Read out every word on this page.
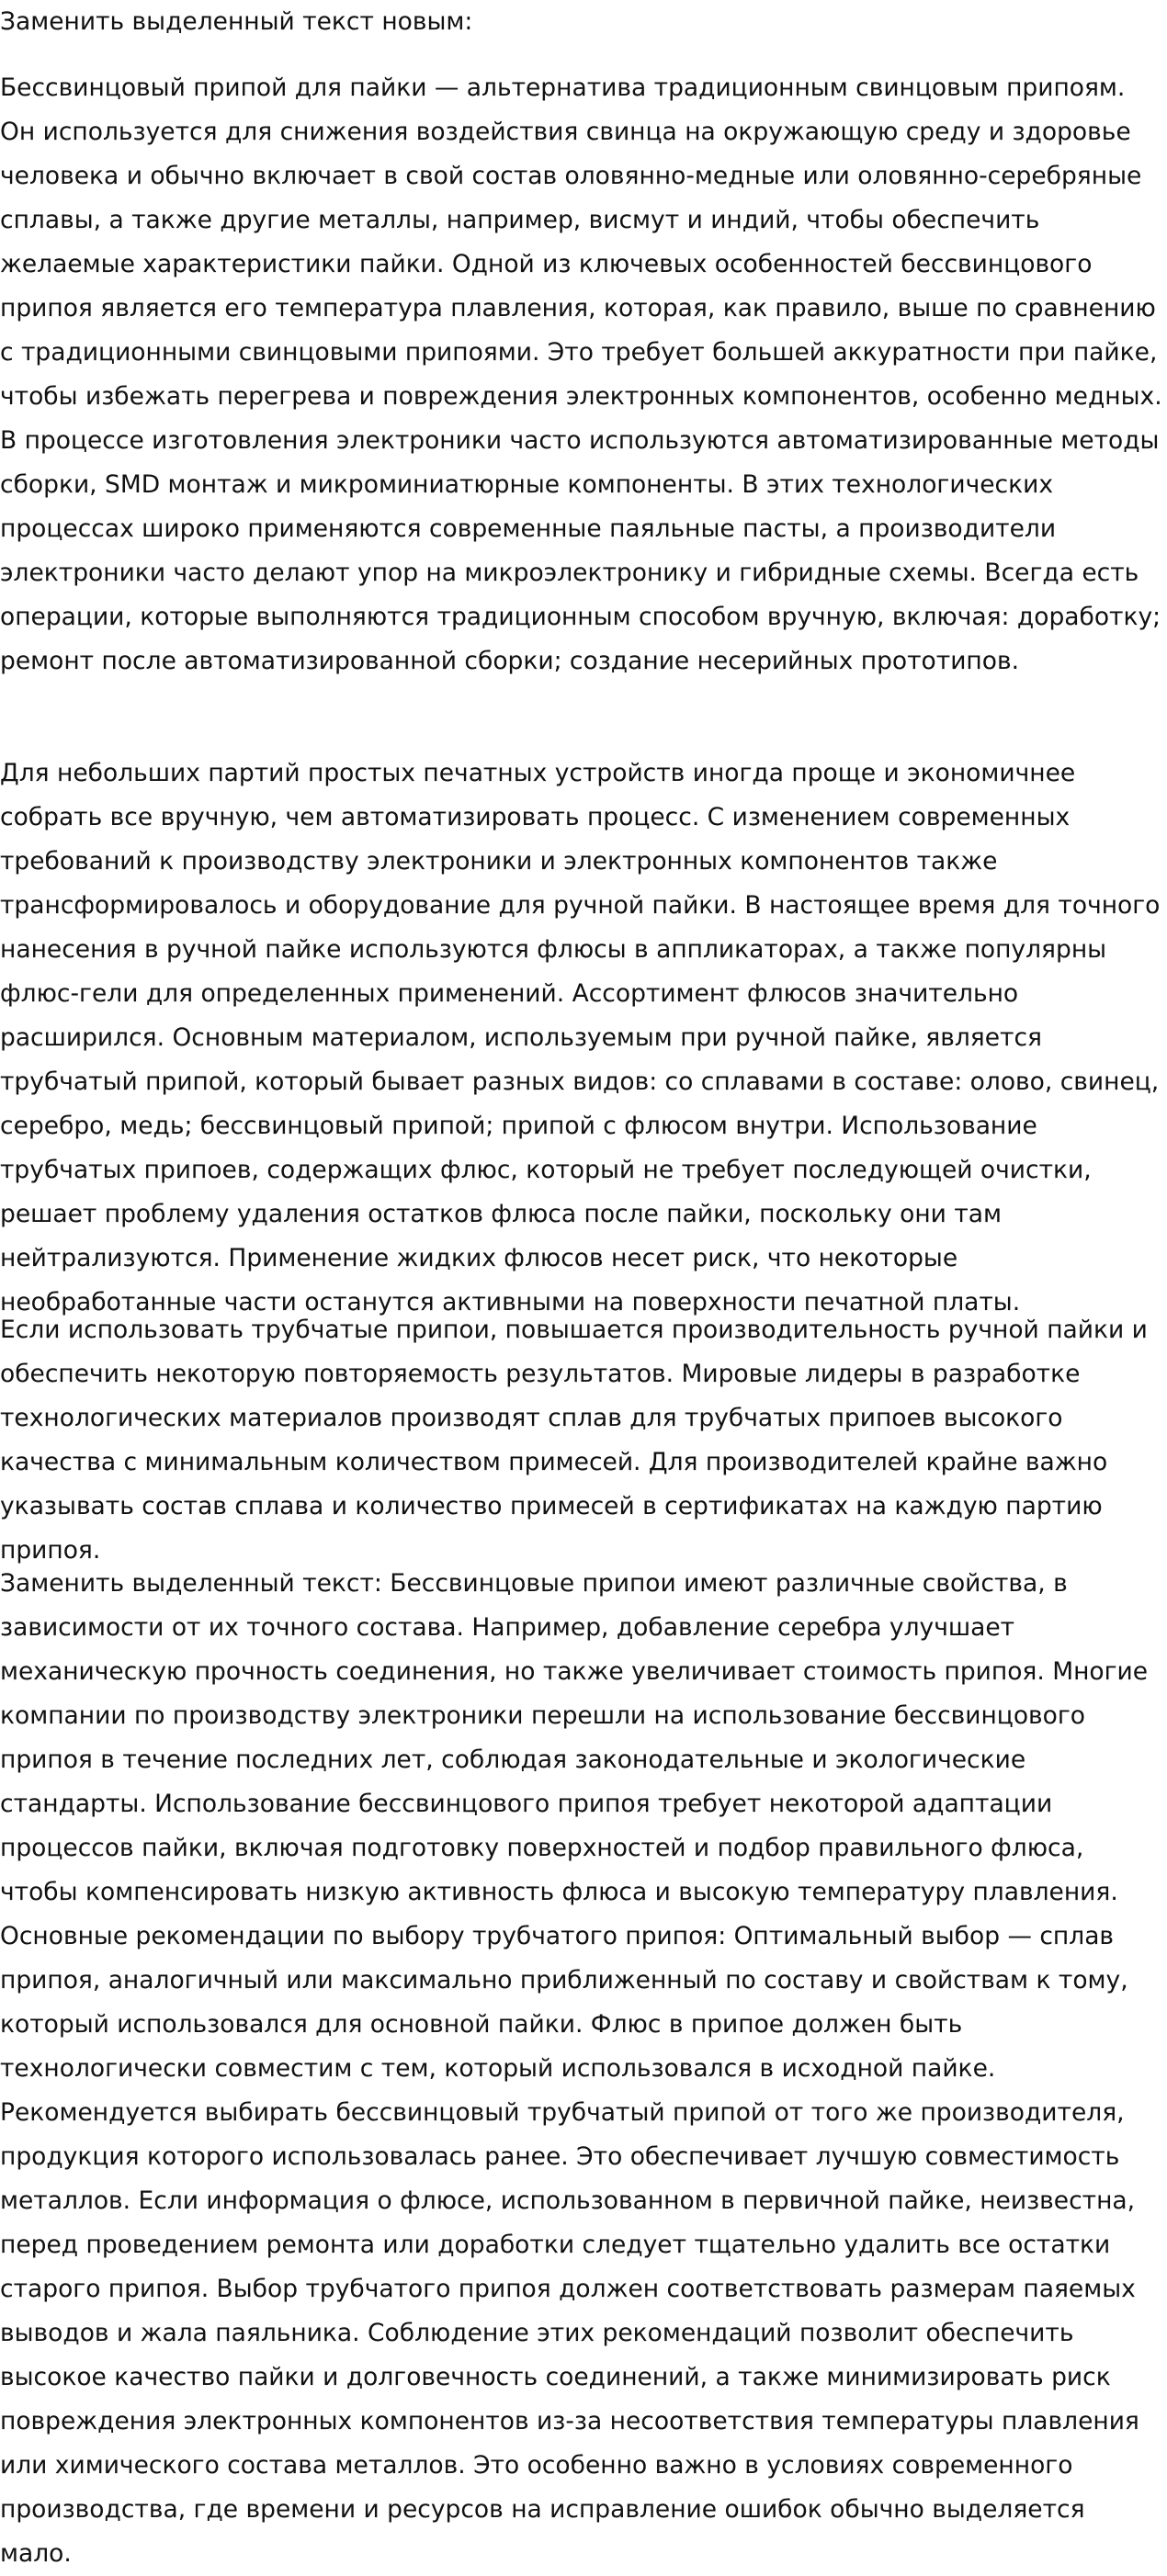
Заменить выделенный текст новым:

Бессвинцовый припой для пайки — альтернатива традиционным свинцовым припоям. Он используется для снижения воздействия свинца на окружающую среду и здоровье человека и обычно включает в свой состав оловянно-медные или оловянно-серебряные сплавы, а также другие металлы, например, висмут и индий, чтобы обеспечить желаемые характеристики пайки. Одной из ключевых особенностей бессвинцового припоя является его температура плавления, которая, как правило, выше по сравнению с традиционными свинцовыми припоями. Это требует большей аккуратности при пайке, чтобы избежать перегрева и повреждения электронных компонентов, особенно медных. В процессе изготовления электроники часто используются автоматизированные методы сборки, SMD монтаж и микроминиатюрные компоненты. В этих технологических процессах широко применяются современные паяльные пасты, а производители электроники часто делают упор на микроэлектронику и гибридные схемы. Всегда есть операции, которые выполняются традиционным способом вручную, включая: доработку; ремонт после автоматизированной сборки; создание несерийных прототипов.

Для небольших партий простых печатных устройств иногда проще и экономичнее собрать все вручную, чем автоматизировать процесс. С изменением современных требований к производству электроники и электронных компонентов также трансформировалось и оборудование для ручной пайки. В настоящее время для точного нанесения в ручной пайке используются флюсы в аппликаторах, а также популярны флюс-гели для определенных применений. Ассортимент флюсов значительно расширился. Основным материалом, используемым при ручной пайке, является трубчатый припой, который бывает разных видов: со сплавами в составе: олово, свинец, серебро, медь; бессвинцовый припой; припой с флюсом внутри. Использование трубчатых припоев, содержащих флюс, который не требует последующей очистки, решает проблему удаления остатков флюса после пайки, поскольку они там нейтрализуются. Применение жидких флюсов несет риск, что некоторые необработанные части останутся активными на поверхности печатной платы.

Если использовать трубчатые припои, повышается производительность ручной пайки и обеспечить некоторую повторяемость результатов. Мировые лидеры в разработке технологических материалов производят сплав для трубчатых припоев высокого качества с минимальным количеством примесей. Для производителей крайне важно указывать состав сплава и количество примесей в сертификатах на каждую партию припоя.

Заменить выделенный текст: Бессвинцовые припои имеют различные свойства, в зависимости от их точного состава. Например, добавление серебра улучшает механическую прочность соединения, но также увеличивает стоимость припоя. Многие компании по производству электроники перешли на использование бессвинцового припоя в течение последних лет, соблюдая законодательные и экологические стандарты. Использование бессвинцового припоя требует некоторой адаптации процессов пайки, включая подготовку поверхностей и подбор правильного флюса, чтобы компенсировать низкую активность флюса и высокую температуру плавления. Основные рекомендации по выбору трубчатого припоя: Оптимальный выбор — сплав припоя, аналогичный или максимально приближенный по составу и свойствам к тому, который использовался для основной пайки. Флюс в припое должен быть технологически совместим с тем, который использовался в исходной пайке. Рекомендуется выбирать бессвинцовый трубчатый припой от того же производителя, продукция которого использовалась ранее. Это обеспечивает лучшую совместимость металлов. Если информация о флюсе, использованном в первичной пайке, неизвестна, перед проведением ремонта или доработки следует тщательно удалить все остатки старого припоя. Выбор трубчатого припоя должен соответствовать размерам паяемых выводов и жала паяльника. Соблюдение этих рекомендаций позволит обеспечить высокое качество пайки и долговечность соединений, а также минимизировать риск повреждения электронных компонентов из-за несоответствия температуры плавления или химического состава металлов. Это особенно важно в условиях современного производства, где времени и ресурсов на исправление ошибок обычно выделяется мало.
